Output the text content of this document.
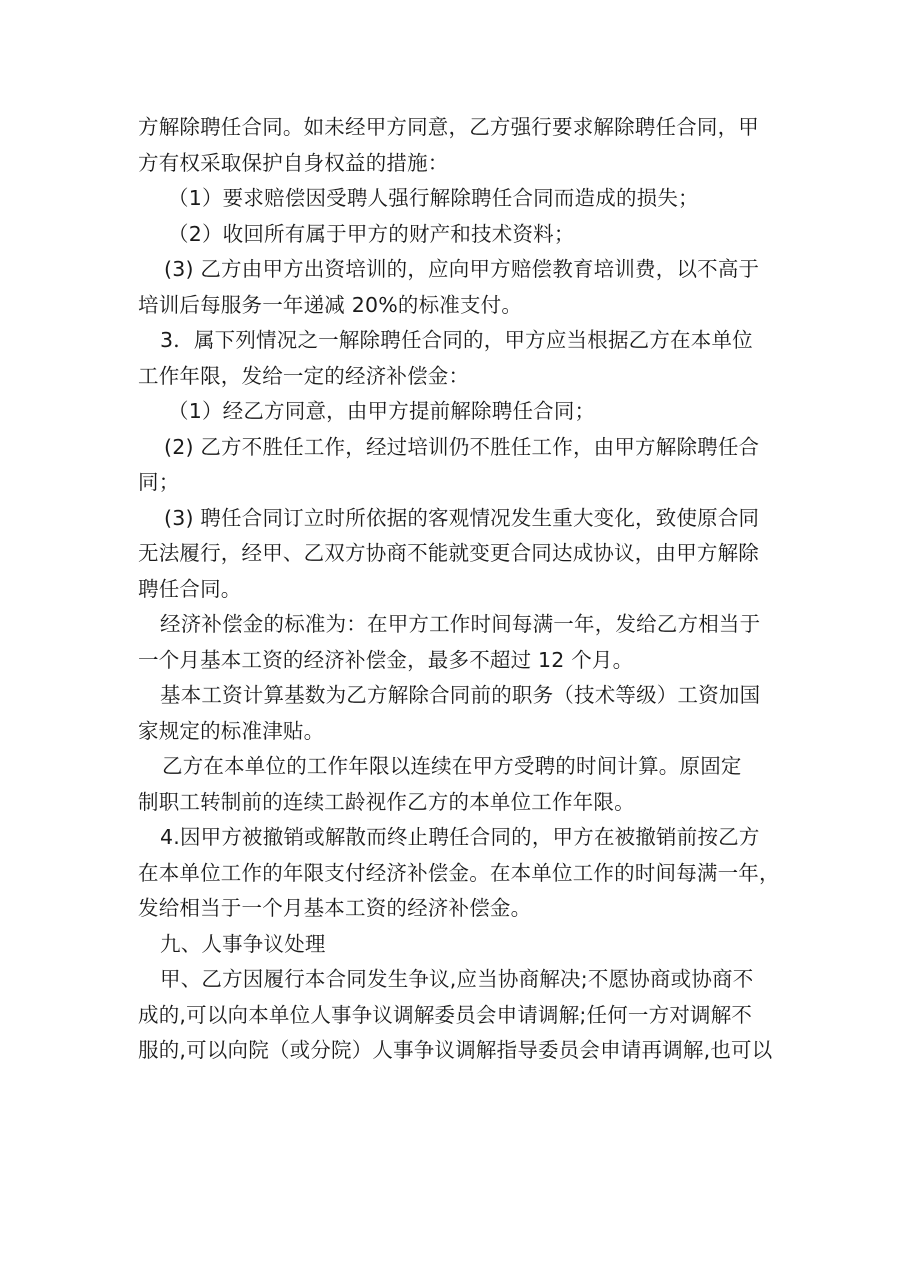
方解除聘任合同。如未经甲方同意，乙方强行要求解除聘任合同，甲
方有权采取保护自身权益的措施：
（1）要求赔偿因受聘人强行解除聘任合同而造成的损失；
（2）收回所有属于甲方的财产和技术资料；
(3) 乙方由甲方出资培训的，应向甲方赔偿教育培训费，以不高于
培训后每服务一年递减 20%的标准支付。
3．属下列情况之一解除聘任合同的，甲方应当根据乙方在本单位
工作年限，发给一定的经济补偿金：
（1）经乙方同意，由甲方提前解除聘任合同；
(2) 乙方不胜任工作，经过培训仍不胜任工作，由甲方解除聘任合
同；
(3) 聘任合同订立时所依据的客观情况发生重大变化，致使原合同
无法履行，经甲、乙双方协商不能就变更合同达成协议，由甲方解除
聘任合同。
经济补偿金的标准为：在甲方工作时间每满一年，发给乙方相当于
一个月基本工资的经济补偿金，最多不超过 12 个月。
基本工资计算基数为乙方解除合同前的职务（技术等级）工资加国
家规定的标准津贴。
乙方在本单位的工作年限以连续在甲方受聘的时间计算。原固定
制职工转制前的连续工龄视作乙方的本单位工作年限。
4.因甲方被撤销或解散而终止聘任合同的，甲方在被撤销前按乙方
在本单位工作的年限支付经济补偿金。在本单位工作的时间每满一年，
发给相当于一个月基本工资的经济补偿金。
九、人事争议处理
甲、乙方因履行本合同发生争议,应当协商解决;不愿协商或协商不
成的,可以向本单位人事争议调解委员会申请调解;任何一方对调解不
服的,可以向院（或分院）人事争议调解指导委员会申请再调解,也可以
